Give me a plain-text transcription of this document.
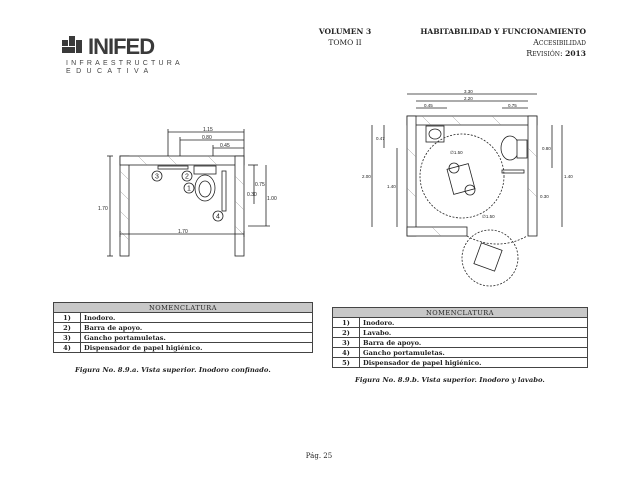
INIFED
INFRAESTRUCTURA
EDUCATIVA
VOLUMEN 3
TOMO II
HABITABILIDAD Y FUNCIONAMIENTO
Accesibilidad
Revisión: 2013
1.15
0.80
0.45
1.70
0.75
1.00
0.30
1.70
1
2
3
4
3.30
2.20
0.45	0.75
0.47
2.00
1.40
0.80
1.40
0.30
∅1.50
∅1.50
NOMENCLATURA	
1)	Inodoro.
2)	Barra de apoyo.
3)	Gancho portamuletas.
4)	Dispensador de papel higiénico.
Figura No. 8.9.a. Vista superior. Inodoro confinado.
NOMENCLATURA	
1)	Inodoro.
2)	Lavabo.
3)	Barra de apoyo.
4)	Gancho portamuletas.
5)	Dispensador de papel higiénico.
Figura No. 8.9.b. Vista superior. Inodoro y lavabo.
Pág. 25
